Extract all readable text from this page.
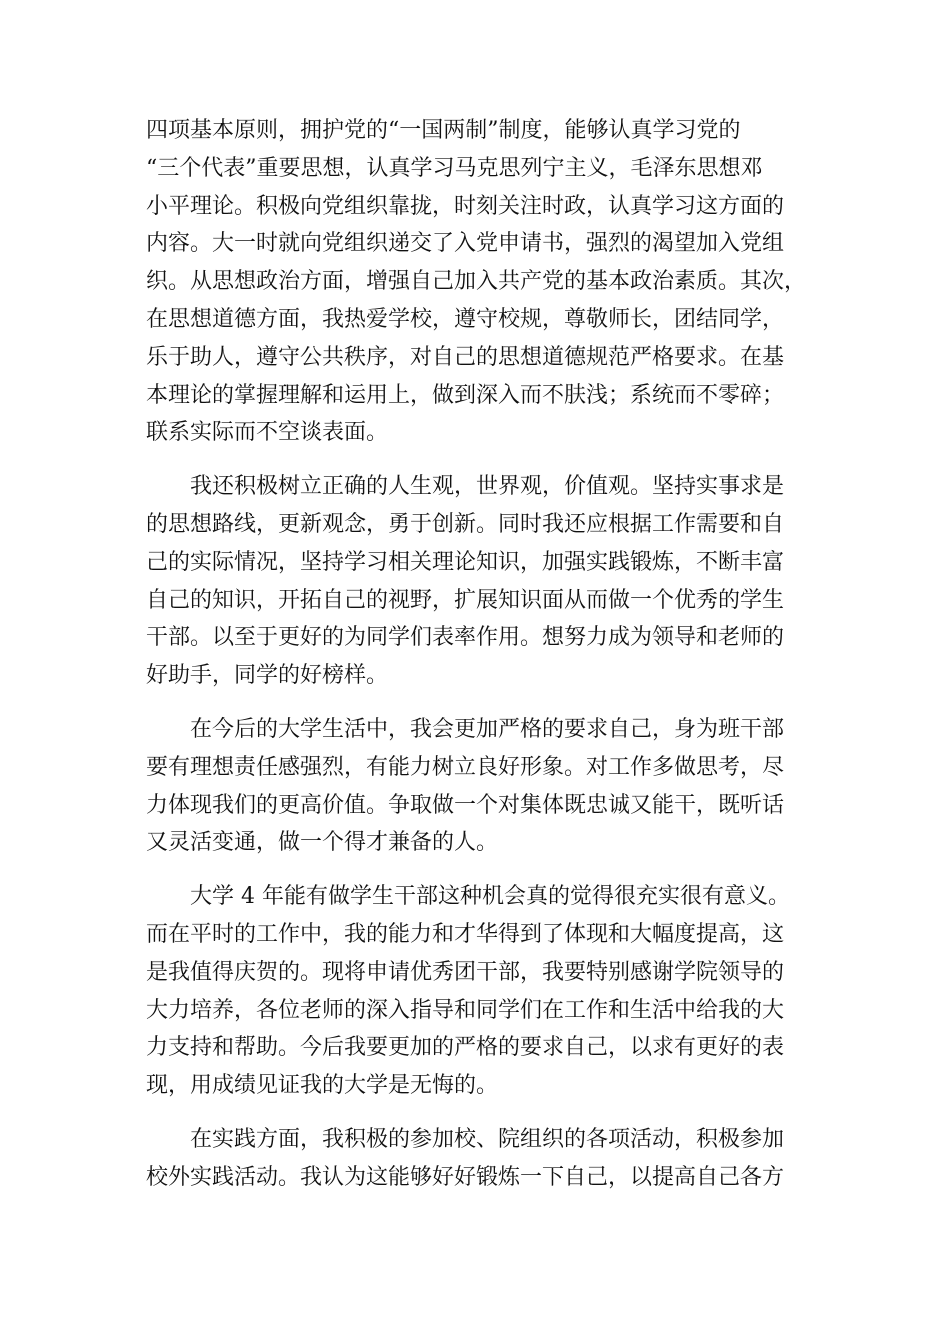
四项基本原则，拥护党的“一国两制”制度，能够认真学习党的
“三个代表”重要思想，认真学习马克思列宁主义，毛泽东思想邓
小平理论。积极向党组织靠拢，时刻关注时政，认真学习这方面的
内容。大一时就向党组织递交了入党申请书，强烈的渴望加入党组
织。从思想政治方面，增强自己加入共产党的基本政治素质。其次，
在思想道德方面，我热爱学校，遵守校规，尊敬师长，团结同学，
乐于助人，遵守公共秩序，对自己的思想道德规范严格要求。在基
本理论的掌握理解和运用上，做到深入而不肤浅；系统而不零碎；
联系实际而不空谈表面。
　　我还积极树立正确的人生观，世界观，价值观。坚持实事求是
的思想路线，更新观念，勇于创新。同时我还应根据工作需要和自
己的实际情况，坚持学习相关理论知识，加强实践锻炼，不断丰富
自己的知识，开拓自己的视野，扩展知识面从而做一个优秀的学生
干部。以至于更好的为同学们表率作用。想努力成为领导和老师的
好助手，同学的好榜样。
　　在今后的大学生活中，我会更加严格的要求自己，身为班干部
要有理想责任感强烈，有能力树立良好形象。对工作多做思考，尽
力体现我们的更高价值。争取做一个对集体既忠诚又能干，既听话
又灵活变通，做一个得才兼备的人。
　　大学 4 年能有做学生干部这种机会真的觉得很充实很有意义。
而在平时的工作中，我的能力和才华得到了体现和大幅度提高，这
是我值得庆贺的。现将申请优秀团干部，我要特别感谢学院领导的
大力培养，各位老师的深入指导和同学们在工作和生活中给我的大
力支持和帮助。今后我要更加的严格的要求自己，以求有更好的表
现，用成绩见证我的大学是无悔的。
　　在实践方面，我积极的参加校、院组织的各项活动，积极参加
校外实践活动。我认为这能够好好锻炼一下自己，以提高自己各方
